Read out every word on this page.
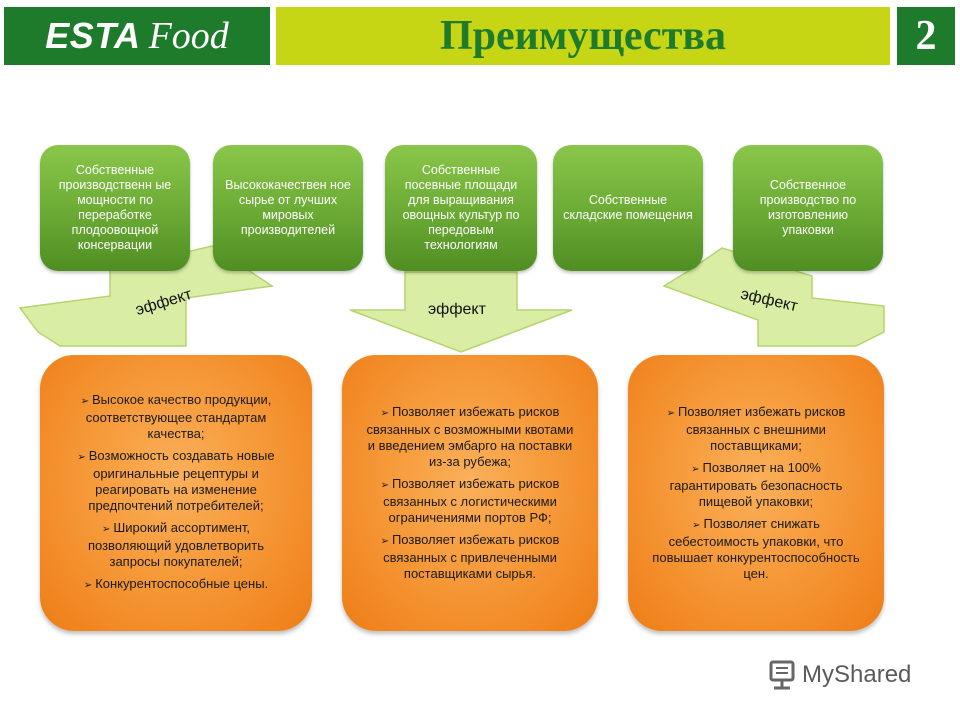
ESTA Food	Преимущества	2
эффект	эффект	эффект
Собственные производственн ые мощности по переработке плодоовощной консервации
Высококачествен ное сырье от лучших мировых производителей
Собственные посевные площади для выращивания овощных культур по передовым технологиям
Собственные складские помещения
Собственное производство по изготовлению упаковки
➢ Высокое качество продукции, соответствующее стандартам качества;
➢ Возможность создавать новые оригинальные рецептуры и реагировать на изменение предпочтений потребителей;
➢ Широкий ассортимент, позволяющий удовлетворить запросы покупателей;
➢ Конкурентоспособные цены.
➢ Позволяет избежать рисков связанных с возможными квотами и введением эмбарго на поставки из-за рубежа;
➢ Позволяет избежать рисков связанных с логистическими ограничениями портов РФ;
➢ Позволяет избежать рисков связанных с привлеченными поставщиками сырья.
➢ Позволяет избежать рисков связанных с внешними поставщиками;
➢ Позволяет на 100% гарантировать безопасность пищевой упаковки;
➢ Позволяет снижать себестоимость упаковки, что повышает конкурентоспособность цен.
MyShared
